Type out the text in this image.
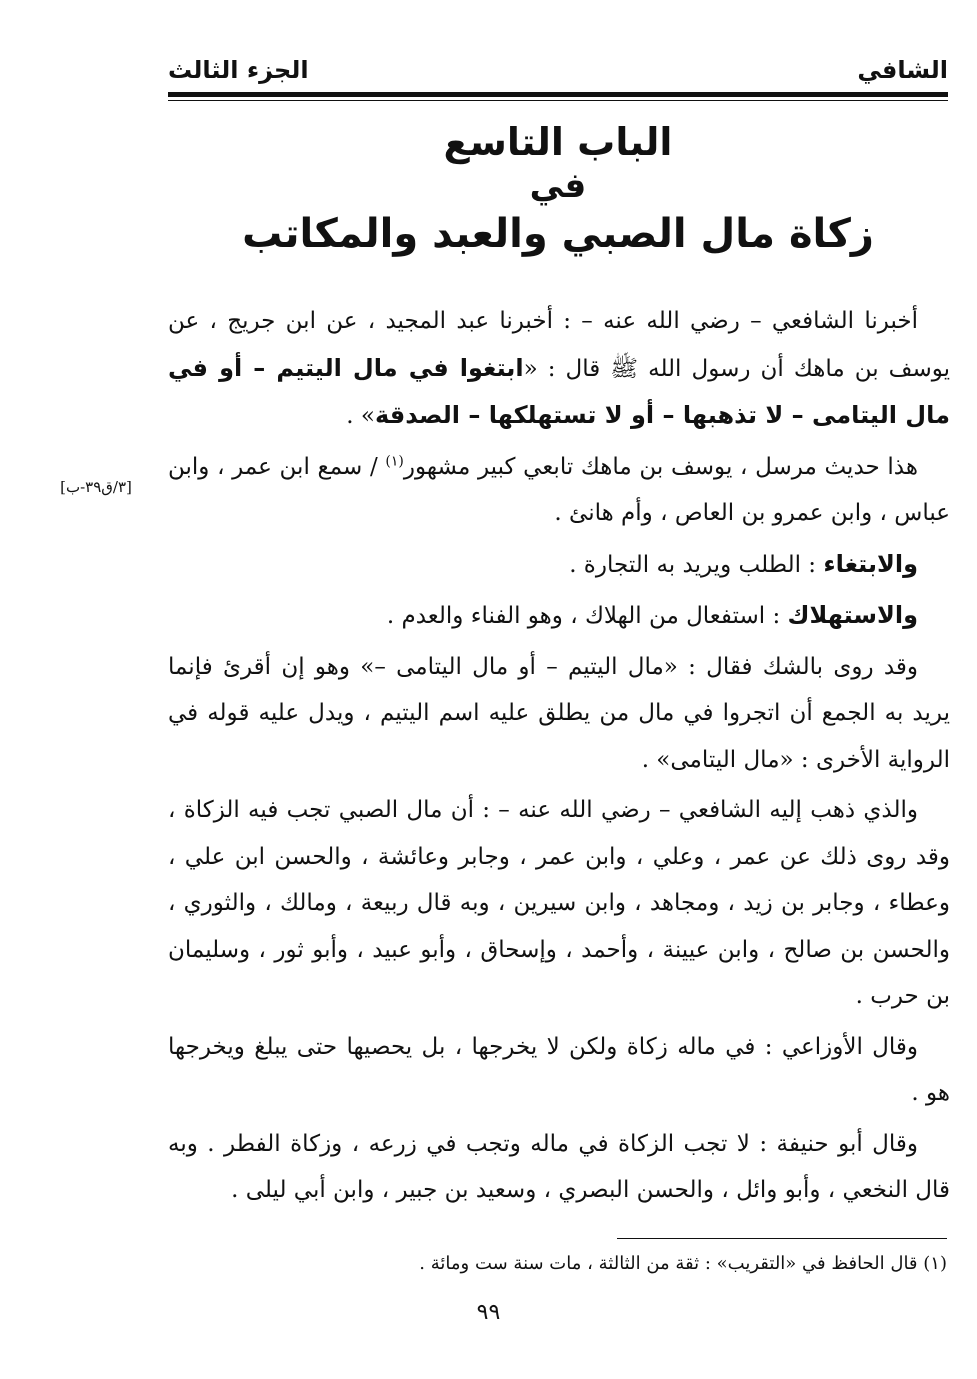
الشافي
الجزء الثالث
الباب التاسع
في
زكاة مال الصبي والعبد والمكاتب

أخبرنا الشافعي – رضي الله عنه – : أخبرنا عبد المجيد ، عن ابن جريج ، عن يوسف بن ماهك أن رسول الله ﷺ قال : «ابتغوا في مال اليتيم – أو في مال اليتامى – لا تذهبها – أو لا تستهلكها – الصدقة» .

هذا حديث مرسل ، يوسف بن ماهك تابعي كبير مشهور$^{(١)}$ / سمع ابن عمر ، وابن عباس ، وابن عمرو بن العاص ، وأم هانئ .

والابتغاء : الطلب ويريد به التجارة .

والاستهلاك : استفعال من الهلاك ، وهو الفناء والعدم .

وقد روى بالشك فقال : «مال اليتيم – أو مال اليتامى –» وهو إن أقرئ فإنما يريد به الجمع أن اتجروا في مال من يطلق عليه اسم اليتيم ، ويدل عليه قوله في الرواية الأخرى : «مال اليتامى» .

والذي ذهب إليه الشافعي – رضي الله عنه – : أن مال الصبي تجب فيه الزكاة ، وقد روى ذلك عن عمر ، وعلي ، وابن عمر ، وجابر وعائشة ، والحسن ابن علي ، وعطاء ، وجابر بن زيد ، ومجاهد ، وابن سيرين ، وبه قال ربيعة ، ومالك ، والثوري ، والحسن بن صالح ، وابن عيينة ، وأحمد ، وإسحاق ، وأبو عبيد ، وأبو ثور ، وسليمان بن حرب .

وقال الأوزاعي : في ماله زكاة ولكن لا يخرجها ، بل يحصيها حتى يبلغ ويخرجها هو .

وقال أبو حنيفة : لا تجب الزكاة في ماله وتجب في زرعه ، وزكاة الفطر . وبه قال النخعي ، وأبو وائل ، والحسن البصري ، وسعيد بن جبير ، وابن أبي ليلى .

[٣/ق٣٩-ب]
(١) قال الحافظ في «التقريب» : ثقة من الثالثة ، مات سنة ست ومائة .
٩٩
